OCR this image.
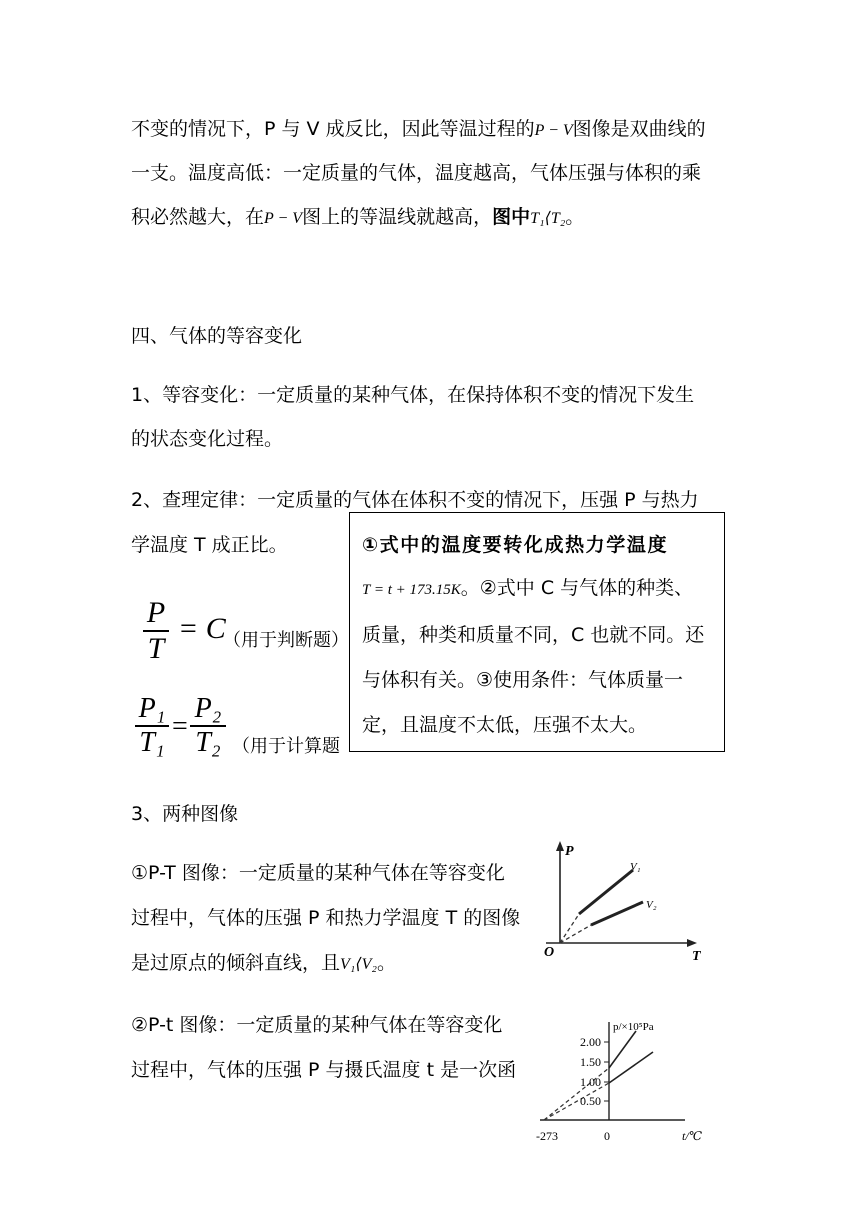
不变的情况下，P 与 V 成反比，因此等温过程的P − V图像是双曲线的
一支。温度高低：一定质量的气体，温度越高，气体压强与体积的乘
积必然越大，在P − V图上的等温线就越高，图中T₁⟨T₂。
四、气体的等容变化
1、等容变化：一定质量的某种气体，在保持体积不变的情况下发生
的状态变化过程。
2、查理定律：一定质量的气体在体积不变的情况下，压强 P 与热力
学温度 T 成正比。
P
T
= C
（用于判断题）
P₁
T₁
=
P₂
T₂ （用于计算题
①式中的温度要转化成热力学温度
T = t + 173.15K。②式中 C 与气体的种类、
质量，种类和质量不同，C 也就不同。还
与体积有关。③使用条件：气体质量一
定，且温度不太低，压强不太大。
3、两种图像
①P-T 图像：一定质量的某种气体在等容变化
过程中，气体的压强 P 和热力学温度 T 的图像
是过原点的倾斜直线，且V₁⟨V₂。
②P-t 图像：一定质量的某种气体在等容变化
过程中，气体的压强 P 与摄氏温度 t 是一次函
P
T
O
V₁
V₂
p/×10⁵Pa
2.00
1.50
1.00
0.50
-273	0	t/℃
